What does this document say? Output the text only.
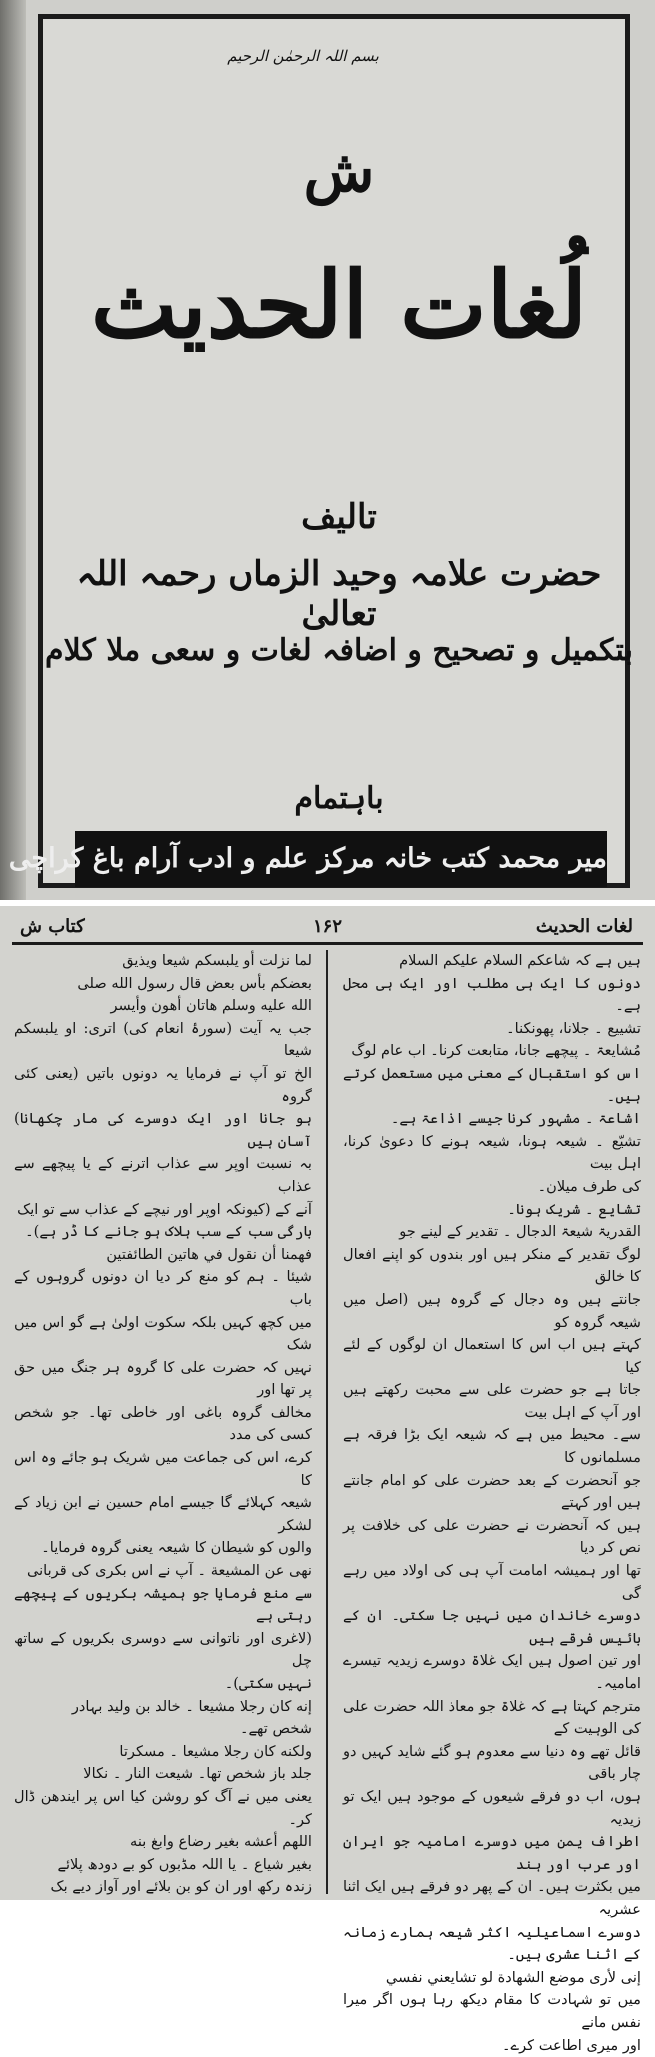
بسم اللہ الرحمٰن الرحیم
ش
لُغات الحدیث
تالیف
حضرت علامہ وحید الزماں رحمہ اللہ تعالیٰ
بتکمیل و تصحیح و اضافہ لغات و سعی ملا کلام
باہتمام
میر محمد کتب خانہ مرکز علم و ادب آرام باغ کراچی
لغات الحدیث
۱۶۲
کتاب ش

ہیں ہے کہ شاعکم السلام علیکم السلام

دونوں کا ایک ہی مطلب اور ایک ہی محل ہے۔

تشییع ۔ جلانا، پھونکنا۔

مُشایعۃ ۔ پیچھے جانا، متابعت کرنا۔ اب عام لوگ

اس کو استقبال کے معنی میں مستعمل کرتے ہیں۔

اشاعۃ ۔ مشہور کرنا جیسے اذاعۃ ہے۔

تشیّع ۔ شیعہ ہونا، شیعہ ہونے کا دعویٰ کرنا، اہل بیت

کی طرف میلان۔

تشایع ۔ شریک ہونا۔

القدریۃ شیعۃ الدجال ۔ تقدیر کے لینے جو

لوگ تقدیر کے منکر ہیں اور بندوں کو اپنے افعال کا خالق

جانتے ہیں وہ دجال کے گروہ ہیں (اصل میں شیعہ گروہ کو

کہتے ہیں اب اس کا استعمال ان لوگوں کے لئے کیا

جاتا ہے جو حضرت علی سے محبت رکھتے ہیں اور آپ کے اہل بیت

سے۔ محیط میں ہے کہ شیعہ ایک بڑا فرقہ ہے مسلمانوں کا

جو آنحضرت کے بعد حضرت علی کو امام جانتے ہیں اور کہتے

ہیں کہ آنحضرت نے حضرت علی کی خلافت پر نص کر دیا

تھا اور ہمیشہ امامت آپ ہی کی اولاد میں رہے گی

دوسرے خاندان میں نہیں جا سکتی۔ ان کے بائیس فرقے ہیں

اور تین اصول ہیں ایک غلاۃ دوسرے زیدیہ تیسرے امامیہ۔

مترجم کہتا ہے کہ غلاۃ جو معاذ اللہ حضرت علی کی الوہیت کے

قائل تھے وہ دنیا سے معدوم ہو گئے شاید کہیں دو چار باقی

ہوں، اب دو فرقے شیعوں کے موجود ہیں ایک تو زیدیہ

اطراف یمن میں دوسرے امامیہ جو ایران اور عرب اور ہند

میں بکثرت ہیں۔ ان کے پھر دو فرقے ہیں ایک اثنا عشریہ

دوسرے اسماعیلیہ اکثر شیعہ ہمارے زمانہ کے اثنا عشری ہیں۔

إنی لأرى موضع الشهادة لو تشايعني نفسي

میں تو شہادت کا مقام دیکھ رہا ہوں اگر میرا نفس مانے

اور میری اطاعت کرے۔

لما نزلت أو يلبسكم شيعا ويذيق

بعضكم بأس بعض قال رسول الله صلى

الله عليه وسلم هاتان أهون وأيسر

جب یہ آیت (سورۂ انعام کی) اتری: او یلبسکم شیعا

الخ تو آپ نے فرمایا یہ دونوں باتیں (یعنی کئی گروہ

ہو جانا اور ایک دوسرے کی مار چکھانا) آسان ہیں

بہ نسبت اوپر سے عذاب اترنے کے یا پیچھے سے عذاب

آنے کے (کیونکہ اوپر اور نیچے کے عذاب سے تو ایک

بارگی سب کے سب ہلاک ہو جانے کا ڈر ہے)۔

فهمنا أن نقول في هاتين الطائفتين

شيئا ۔ ہم کو منع کر دیا ان دونوں گروہوں کے باب

میں کچھ کہیں بلکہ سکوت اولیٰ ہے گو اس میں شک

نہیں کہ حضرت علی کا گروہ ہر جنگ میں حق پر تھا اور

مخالف گروہ باغی اور خاطی تھا۔ جو شخص کسی کی مدد

کرے، اس کی جماعت میں شریک ہو جائے وہ اس کا

شیعہ کہلائے گا جیسے امام حسین نے ابن زیاد کے لشکر

والوں کو شیطان کا شیعہ یعنی گروہ فرمایا۔

نهى عن المشيعة ۔ آپ نے اس بکری کی قربانی

سے منع فرمایا جو ہمیشہ بکریوں کے پیچھے رہتی ہے

(لاغری اور ناتوانی سے دوسری بکریوں کے ساتھ چل

نہیں سکتی)۔

إنه كان رجلا مشيعا ۔ خالد بن ولید بہادر

شخص تھے۔

ولكنه كان رجلا مشيعا ۔ مسکرتا

جلد باز شخص تھا۔ شيعت النار ۔ نکالا

یعنی میں نے آگ کو روشن کیا اس پر ایندھن ڈال کر۔

اللهم أعشه بغير رضاع وابغ بنه

بغير شياع ۔ یا اللہ مڈبوں کو بے دودھ پلائے

زندہ رکھ اور ان کو بن بلائے اور آواز دیے بک
